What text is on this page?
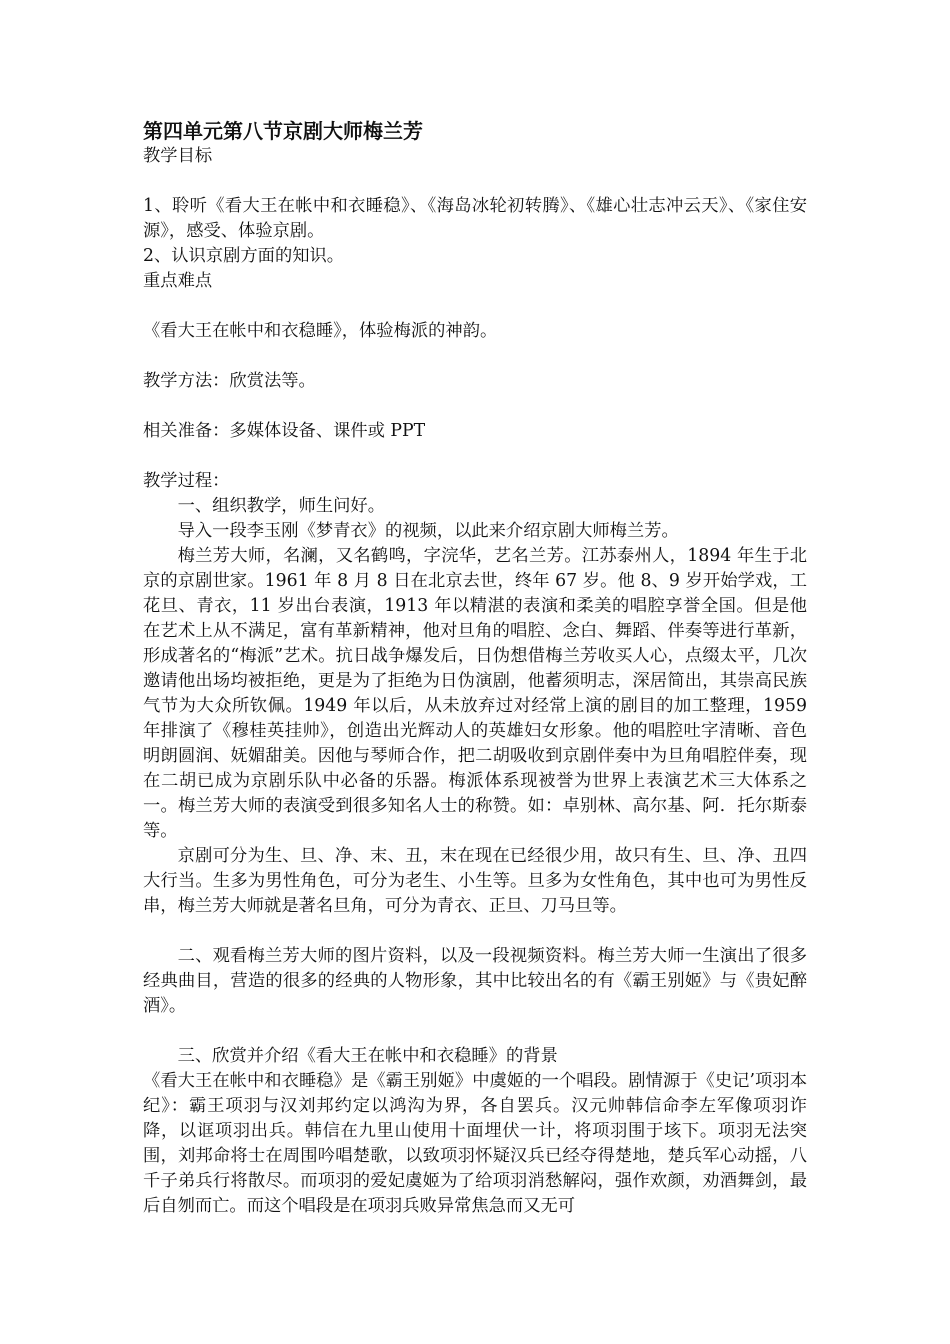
第四单元第八节京剧大师梅兰芳

教学目标

1、聆听《看大王在帐中和衣睡稳》、《海岛冰轮初转腾》、《雄心壮志冲云天》、《家住安源》，感受、体验京剧。

2、认识京剧方面的知识。

重点难点

《看大王在帐中和衣稳睡》，体验梅派的神韵。

教学方法：欣赏法等。

相关准备：多媒体设备、课件或 PPT

教学过程：

一、组织教学，师生问好。

导入一段李玉刚《梦青衣》的视频，以此来介绍京剧大师梅兰芳。

梅兰芳大师，名澜，又名鹤鸣，字浣华，艺名兰芳。江苏泰州人，1894 年生于北京的京剧世家。1961 年 8 月 8 日在北京去世，终年 67 岁。他 8、9 岁开始学戏，工花旦、青衣，11 岁出台表演，1913 年以精湛的表演和柔美的唱腔享誉全国。但是他在艺术上从不满足，富有革新精神，他对旦角的唱腔、念白、舞蹈、伴奏等进行革新，形成著名的“梅派”艺术。抗日战争爆发后，日伪想借梅兰芳收买人心，点缀太平，几次邀请他出场均被拒绝，更是为了拒绝为日伪演剧，他蓄须明志，深居简出，其崇高民族气节为大众所钦佩。1949 年以后，从未放弃过对经常上演的剧目的加工整理，1959 年排演了《穆桂英挂帅》，创造出光辉动人的英雄妇女形象。他的唱腔吐字清晰、音色明朗圆润、妩媚甜美。因他与琴师合作，把二胡吸收到京剧伴奏中为旦角唱腔伴奏，现在二胡已成为京剧乐队中必备的乐器。梅派体系现被誉为世界上表演艺术三大体系之一。梅兰芳大师的表演受到很多知名人士的称赞。如：卓别林、高尔基、阿．托尔斯泰等。

京剧可分为生、旦、净、末、丑，末在现在已经很少用，故只有生、旦、净、丑四大行当。生多为男性角色，可分为老生、小生等。旦多为女性角色，其中也可为男性反串，梅兰芳大师就是著名旦角，可分为青衣、正旦、刀马旦等。

二、观看梅兰芳大师的图片资料，以及一段视频资料。梅兰芳大师一生演出了很多经典曲目，营造的很多的经典的人物形象，其中比较出名的有《霸王别姬》与《贵妃醉酒》。

三、欣赏并介绍《看大王在帐中和衣稳睡》的背景

《看大王在帐中和衣睡稳》是《霸王别姬》中虞姬的一个唱段。剧情源于《史记’项羽本纪》：霸王项羽与汉刘邦约定以鸿沟为界，各自罢兵。汉元帅韩信命李左军像项羽诈降，以诓项羽出兵。韩信在九里山使用十面埋伏一计，将项羽围于垓下。项羽无法突围，刘邦命将士在周围吟唱楚歌，以致项羽怀疑汉兵已经夺得楚地，楚兵军心动摇，八千子弟兵行将散尽。而项羽的爱妃虞姬为了给项羽消愁解闷，强作欢颜，劝酒舞剑，最后自刎而亡。而这个唱段是在项羽兵败异常焦急而又无可
